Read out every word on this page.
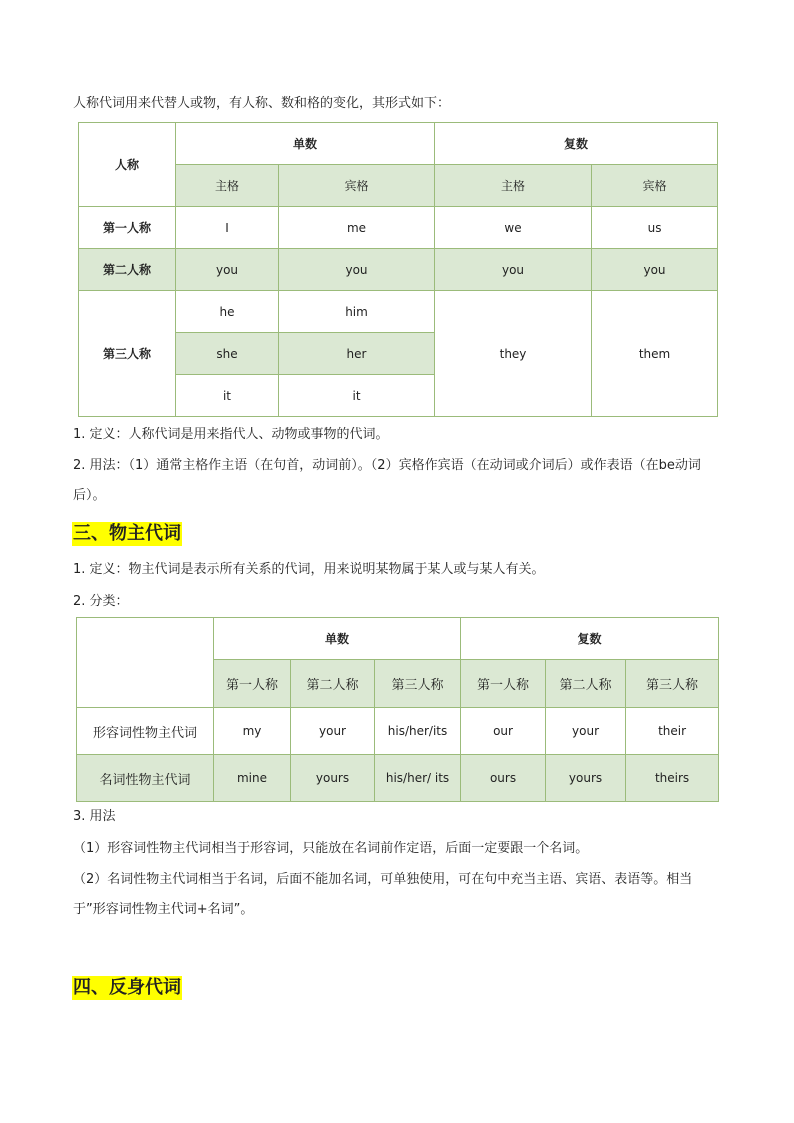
人称代词用来代替人或物，有人称、数和格的变化，其形式如下：
人称	单数		复数	
	主格	宾格	主格	宾格
第一人称	I	me	we	us
第二人称	you	you	you	you
第三人称	he	him	they	them
	she	her		
	it	it		
1. 定义：人称代词是用来指代人、动物或事物的代词。
2. 用法：（1）通常主格作主语（在句首，动词前）。（2）宾格作宾语（在动词或介词后）或作表语（在be动词后）。
三、物主代词
1. 定义：物主代词是表示所有关系的代词，用来说明某物属于某人或与某人有关。
2. 分类：
	单数			复数		
	第一人称	第二人称	第三人称	第一人称	第二人称	第三人称
形容词性物主代词	my	your	his/her/its	our	your	their
名词性物主代词	mine	yours	his/her/ its	ours	yours	theirs
3. 用法
（1）形容词性物主代词相当于形容词，只能放在名词前作定语，后面一定要跟一个名词。
（2）名词性物主代词相当于名词，后面不能加名词，可单独使用，可在句中充当主语、宾语、表语等。相当于”形容词性物主代词+名词”。
四、反身代词
